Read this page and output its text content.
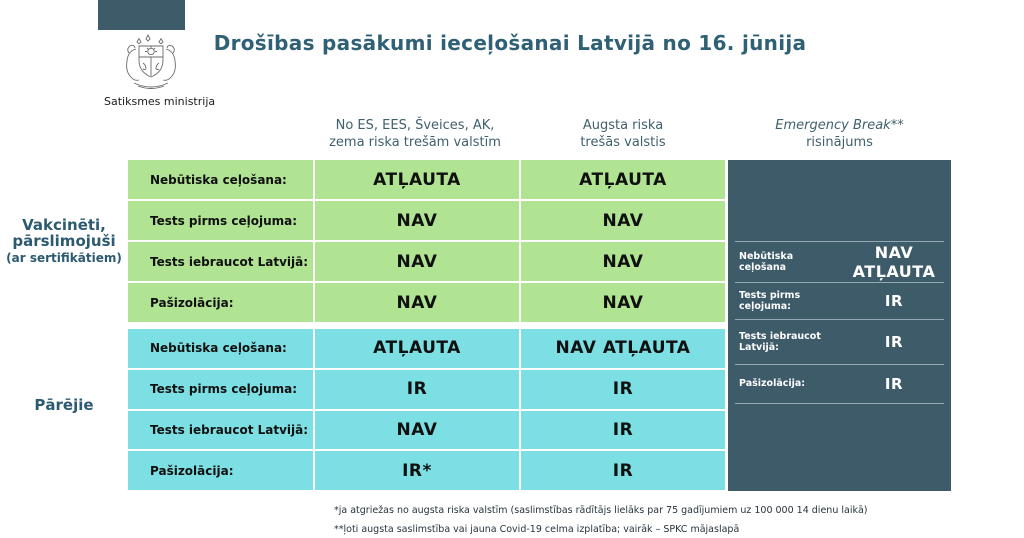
Satiksmes ministrija
Drošības pasākumi ieceļošanai Latvijā no 16. jūnija
No ES, EES, Šveices, AK,
zema riska trešām valstīm
Augsta riska
trešās valstis
Emergency Break**
risinājums
Vakcinēti,
pārslimojuši
(ar sertifikātiem)
Pārējie
Nebūtiska ceļošana:	ATĻAUTA	ATĻAUTA
Tests pirms ceļojuma:	NAV	NAV
Tests iebraucot Latvijā:	NAV	NAV
Pašizolācija:	NAV	NAV
Nebūtiska ceļošana:	ATĻAUTA	NAV ATĻAUTA
Tests pirms ceļojuma:	IR	IR
Tests iebraucot Latvijā:	NAV	IR
Pašizolācija:	IR*	IR
Nebūtiska ceļošana
NAV ATĻAUTA
Tests pirms ceļojuma:	IR
Tests iebraucot Latvijā:	IR
Pašizolācija:	IR
*ja atgriežas no augsta riska valstīm (saslimstības rādītājs lielāks par 75 gadījumiem uz 100 000 14 dienu laikā)
**ļoti augsta saslimstība vai jauna Covid-19 celma izplatība; vairāk – SPKC mājaslapā
